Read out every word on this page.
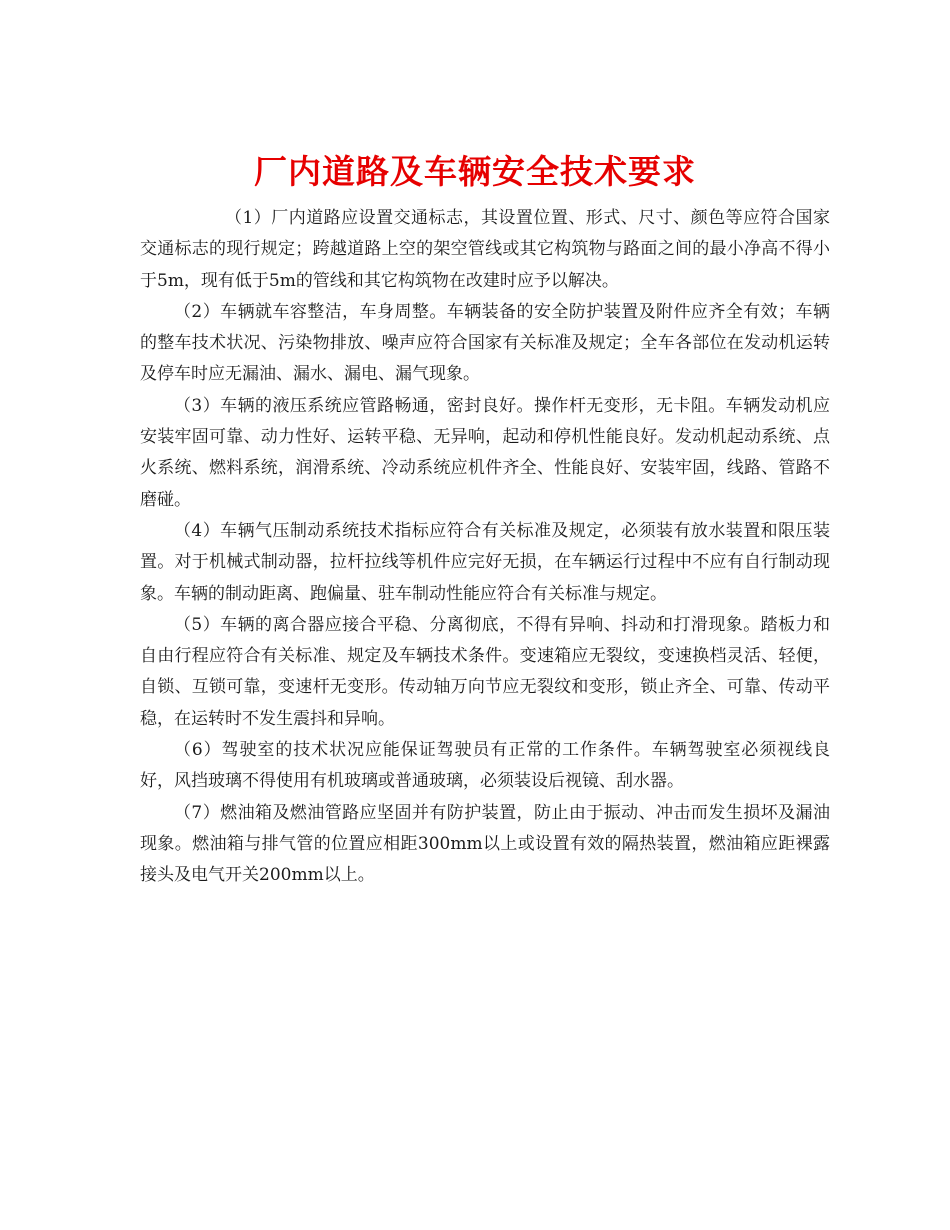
厂内道路及车辆安全技术要求

（1）厂内道路应设置交通标志，其设置位置、形式、尺寸、颜色等应符合国家交通标志的现行规定；跨越道路上空的架空管线或其它构筑物与路面之间的最小净高不得小于5m，现有低于5m的管线和其它构筑物在改建时应予以解决。

（2）车辆就车容整洁，车身周整。车辆装备的安全防护装置及附件应齐全有效；车辆的整车技术状况、污染物排放、噪声应符合国家有关标准及规定；全车各部位在发动机运转及停车时应无漏油、漏水、漏电、漏气现象。

（3）车辆的液压系统应管路畅通，密封良好。操作杆无变形，无卡阻。车辆发动机应安装牢固可靠、动力性好、运转平稳、无异响，起动和停机性能良好。发动机起动系统、点火系统、燃料系统，润滑系统、冷动系统应机件齐全、性能良好、安装牢固，线路、管路不磨碰。

（4）车辆气压制动系统技术指标应符合有关标准及规定，必须装有放水装置和限压装置。对于机械式制动器，拉杆拉线等机件应完好无损，在车辆运行过程中不应有自行制动现象。车辆的制动距离、跑偏量、驻车制动性能应符合有关标准与规定。

（5）车辆的离合器应接合平稳、分离彻底，不得有异响、抖动和打滑现象。踏板力和自由行程应符合有关标准、规定及车辆技术条件。变速箱应无裂纹，变速换档灵活、轻便，自锁、互锁可靠，变速杆无变形。传动轴万向节应无裂纹和变形，锁止齐全、可靠、传动平稳，在运转时不发生震抖和异响。

（6）驾驶室的技术状况应能保证驾驶员有正常的工作条件。车辆驾驶室必须视线良好，风挡玻璃不得使用有机玻璃或普通玻璃，必须装设后视镜、刮水器。

（7）燃油箱及燃油管路应坚固并有防护装置，防止由于振动、冲击而发生损坏及漏油现象。燃油箱与排气管的位置应相距300mm以上或设置有效的隔热装置，燃油箱应距裸露接头及电气开关200mm以上。
